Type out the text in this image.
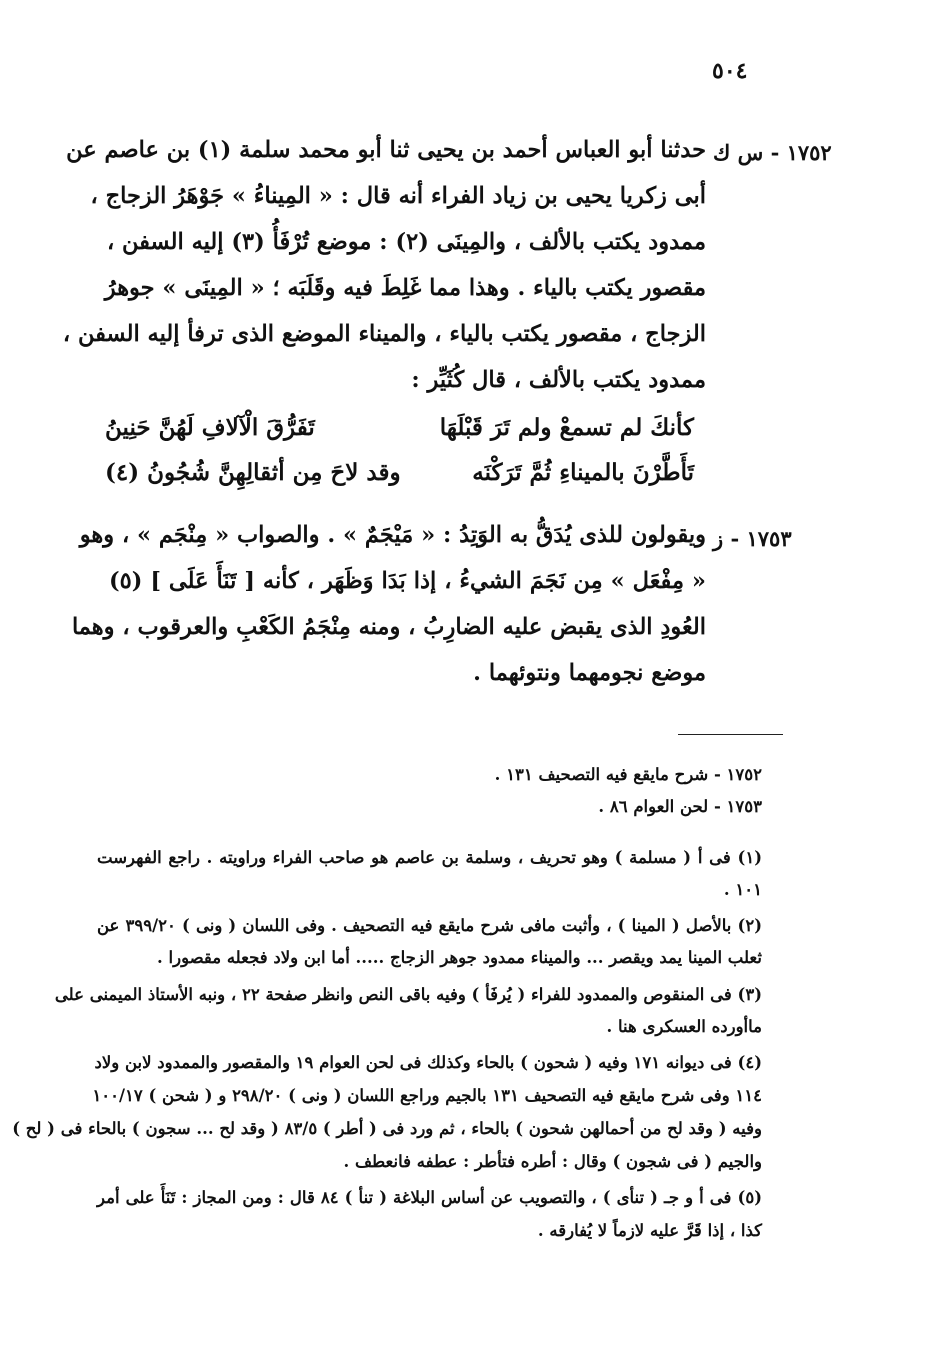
٥٠٤
١٧٥٢ - س ك
حدثنا أبو العباس أحمد بن يحيى ثنا أبو محمد سلمة (١) بن عاصم عن
أبى زكريا يحيى بن زياد الفراء أنه قال : « المِيناءُ » جَوْهَرُ الزجاج ،
ممدود يكتب بالألف ، والمِينَى (٢) : موضع تُرْفَأُ (٣) إليه السفن ،
مقصور يكتب بالياء . وهذا مما غَلِطَ فيه وقَلَبَه ؛ « المِينَى » جوهرُ
الزجاج ، مقصور يكتب بالياء ، والميناء الموضع الذى ترفأ إليه السفن ،
ممدود يكتب بالألف ، قال كُثَيِّر :
كأنكَ لم تسمعْ ولم تَرَ قَبْلَهَا
تَفَرُّقَ الْآلافِ لَهُنَّ حَنِينُ
تَأَطَّرْنَ بالميناءِ ثُمَّ تَرَكْنَه
وقد لاحَ مِن أثقالِهِنَّ شُجُونُ (٤)
١٧٥٣ - ز
ويقولون للذى يُدَقُّ به الوَتِدُ : « مَيْجَمٌ » . والصواب « مِنْجَم » ، وهو
« مِفْعَل » مِن نَجَمَ الشيءُ ، إذا بَدَا وَظَهَر ، كأنه [ تَنَأَ عَلَى ] (٥)
العُودِ الذى يقبض عليه الضارِبُ ، ومنه مِنْجَمُ الكَعْبِ والعرقوب ، وهما
موضع نجومهما ونتوئهما .
١٧٥٢ - شرح مايقع فيه التصحيف ١٣١ .
١٧٥٣ - لحن العوام ٨٦ .
(١) فى أ ( مسلمة ) وهو تحريف ، وسلمة بن عاصم هو صاحب الفراء وراويته . راجع الفهرست
١٠١ .
(٢) بالأصل ( المينا ) ، وأثبت مافى شرح مايقع فيه التصحيف . وفى اللسان ( ونى ) ٣٩٩/٢٠ عن
ثعلب المينا يمد ويقصر ... والميناء ممدود جوهر الزجاج ..... أما ابن ولاد فجعله مقصورا .
(٣) فى المنقوص والممدود للفراء ( يُرفَأ ) وفيه باقى النص وانظر صفحة ٢٢ ، ونبه الأستاذ الميمنى على
ماأورده العسكرى هنا .
(٤) فى ديوانه ١٧١ وفيه ( شحون ) بالحاء وكذلك فى لحن العوام ١٩ والمقصور والممدود لابن ولاد
١١٤ وفى شرح مايقع فيه التصحيف ١٣١ بالجيم وراجع اللسان ( ونى ) ٢٩٨/٢٠ و ( شحن ) ١٠٠/١٧
وفيه ( وقد لح من أحمالهن شحون ) بالحاء ، ثم ورد فى ( أطر ) ٨٣/٥ ( وقد لح ... سجون ) بالحاء فى ( لح )
والجيم ( فى شجون ) وقال : أطره فتأطر : عطفه فانعطف .
(٥) فى أ و جـ ( تنأى ) ، والتصويب عن أساس البلاغة ( تنأ ) ٨٤ قال : ومن المجاز : تَنَأَ على أمر
كذا ، إذا قَرَّ عليه لازماً لا يُفارقه .
